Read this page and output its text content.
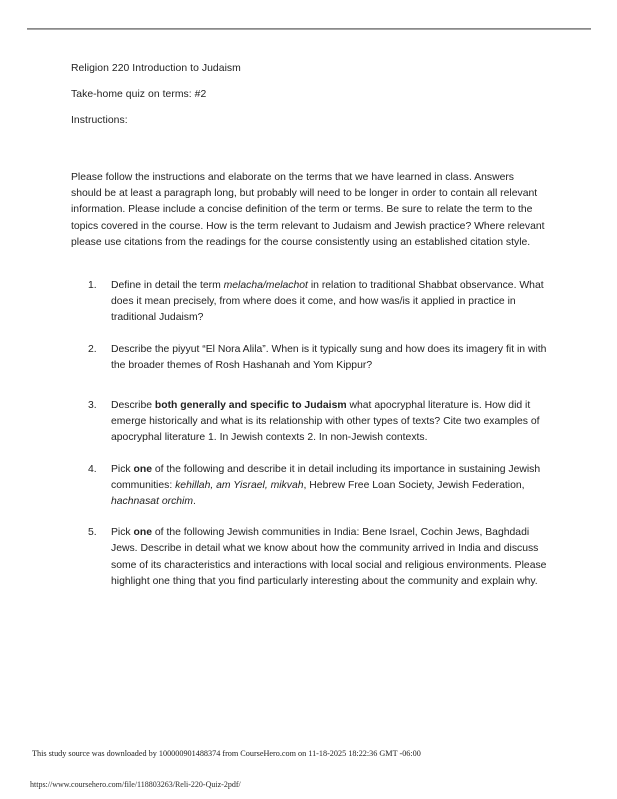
Religion 220 Introduction to Judaism

Take-home quiz on terms: #2

Instructions:

Please follow the instructions and elaborate on the terms that we have learned in class. Answers should be at least a paragraph long, but probably will need to be longer in order to contain all relevant information. Please include a concise definition of the term or terms. Be sure to relate the term to the topics covered in the course. How is the term relevant to Judaism and Jewish practice? Where relevant please use citations from the readings for the course consistently using an established citation style.

1.	Define in detail the term melacha/melachot in relation to traditional Shabbat observance. What does it mean precisely, from where does it come, and how was/is it applied in practice in traditional Judaism?
2.	Describe the piyyut “El Nora Alila”. When is it typically sung and how does its imagery fit in with the broader themes of Rosh Hashanah and Yom Kippur?
3.	Describe both generally and specific to Judaism what apocryphal literature is. How did it emerge historically and what is its relationship with other types of texts? Cite two examples of apocryphal literature 1. In Jewish contexts 2. In non-Jewish contexts.
4.	Pick one of the following and describe it in detail including its importance in sustaining Jewish communities: kehillah, am Yisrael, mikvah, Hebrew Free Loan Society, Jewish Federation, hachnasat orchim.
5.	Pick one of the following Jewish communities in India: Bene Israel, Cochin Jews, Baghdadi Jews. Describe in detail what we know about how the community arrived in India and discuss some of its characteristics and interactions with local social and religious environments. Please highlight one thing that you find particularly interesting about the community and explain why.
This study source was downloaded by 100000901488374 from CourseHero.com on 11-18-2025 18:22:36 GMT -06:00
https://www.coursehero.com/file/118803263/Reli-220-Quiz-2pdf/
